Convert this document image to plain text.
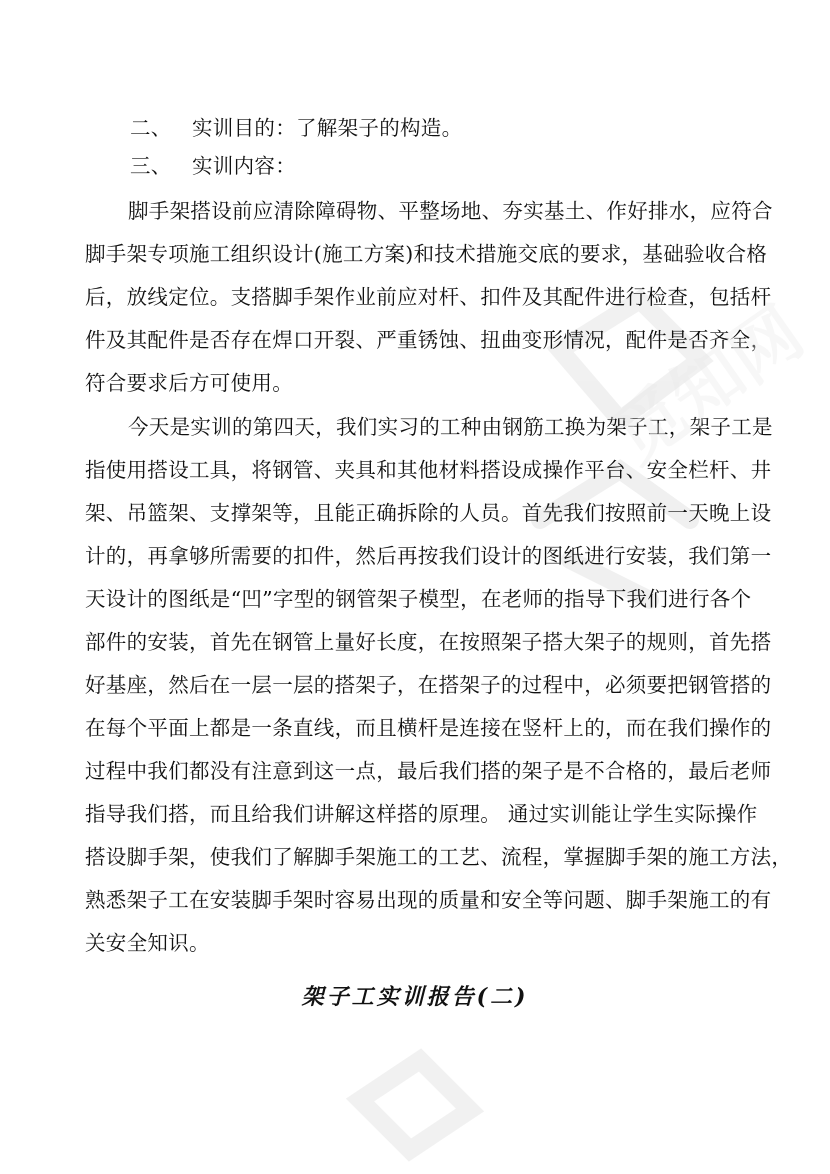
二、 实训目的：了解架子的构造。
三、 实训内容：
脚手架搭设前应清除障碍物、平整场地、夯实基土、作好排水，应符合
脚手架专项施工组织设计(施工方案)和技术措施交底的要求，基础验收合格
后，放线定位。支搭脚手架作业前应对杆、扣件及其配件进行检查，包括杆
件及其配件是否存在焊口开裂、严重锈蚀、扭曲变形情况，配件是否齐全，
符合要求后方可使用。
今天是实训的第四天，我们实习的工种由钢筋工换为架子工，架子工是
指使用搭设工具，将钢管、夹具和其他材料搭设成操作平台、安全栏杆、井
架、吊篮架、支撑架等，且能正确拆除的人员。首先我们按照前一天晚上设
计的，再拿够所需要的扣件，然后再按我们设计的图纸进行安装，我们第一
天设计的图纸是“凹”字型的钢管架子模型，在老师的指导下我们进行各个
部件的安装，首先在钢管上量好长度，在按照架子搭大架子的规则，首先搭
好基座，然后在一层一层的搭架子，在搭架子的过程中，必须要把钢管搭的
在每个平面上都是一条直线，而且横杆是连接在竖杆上的，而在我们操作的
过程中我们都没有注意到这一点，最后我们搭的架子是不合格的，最后老师
指导我们搭，而且给我们讲解这样搭的原理。 通过实训能让学生实际操作
搭设脚手架，使我们了解脚手架施工的工艺、流程，掌握脚手架的施工方法，
熟悉架子工在安装脚手架时容易出现的质量和安全等问题、脚手架施工的有
关安全知识。
架子工实训报告(二)
觅知网
